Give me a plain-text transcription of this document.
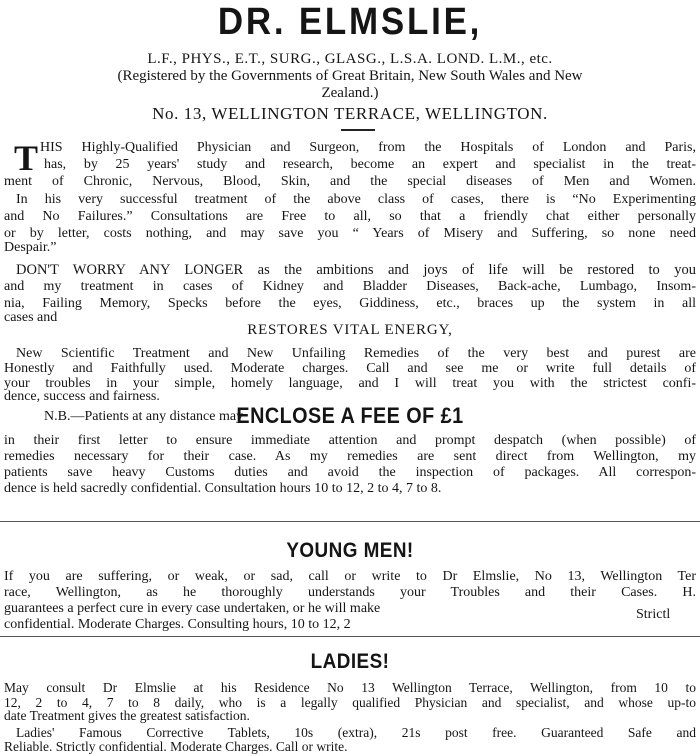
DR. ELMSLIE,
L.F., PHYS., E.T., SURG., GLASG., L.S.A. LOND. L.M., etc.
(Registered by the Governments of Great Britain, New South Wales and New
Zealand.)
No. 13, WELLINGTON TERRACE, WELLINGTON.
T HIS Highly-Qualified Physician and Surgeon, from the Hospitals of London and Paris,
has, by 25 years' study and research, become an expert and specialist in the treat-
ment of Chronic, Nervous, Blood, Skin, and the special diseases of Men and Women.
In his very successful treatment of the above class of cases, there is “No Experimenting
and No Failures.” Consultations are Free to all, so that a friendly chat either personally
or by letter, costs nothing, and may save you “ Years of Misery and Suffering, so none need
Despair.”
DON'T WORRY ANY LONGER as the ambitions and joys of life will be restored to you
and my treatment in cases of Kidney and Bladder Diseases, Back-ache, Lumbago, Insom-
nia, Failing Memory, Specks before the eyes, Giddiness, etc., braces up the system in all
cases and
RESTORES VITAL ENERGY,
New Scientific Treatment and New Unfailing Remedies of the very best and purest are
Honestly and Faithfully used. Moderate charges. Call and see me or write full details of
your troubles in your simple, homely language, and I will treat you with the strictest confi-
dence, success and fairness.
N.B.—Patients at any distance may
ENCLOSE A FEE OF £1
in their first letter to ensure immediate attention and prompt despatch (when possible) of
remedies necessary for their case. As my remedies are sent direct from Wellington, my
patients save heavy Customs duties and avoid the inspection of packages. All correspon-
dence is held sacredly confidential. Consultation hours 10 to 12, 2 to 4, 7 to 8.
YOUNG MEN!
If you are suffering, or weak, or sad, call or write to Dr Elmslie, No 13, Wellington Ter
race, Wellington, as he thoroughly understands your Troubles and their Cases. H.
guarantees a perfect cure in every case undertaken, or he will make	Strictl
confidential. Moderate Charges. Consulting hours, 10 to 12, 2
LADIES!
May consult Dr Elmslie at his Residence No 13 Wellington Terrace, Wellington, from 10 to
12, 2 to 4, 7 to 8 daily, who is a legally qualified Physician and specialist, and whose up-to
date Treatment gives the greatest satisfaction.
Ladies' Famous Corrective Tablets, 10s (extra), 21s post free. Guaranteed Safe and
Reliable. Strictly confidential. Moderate Charges. Call or write.
